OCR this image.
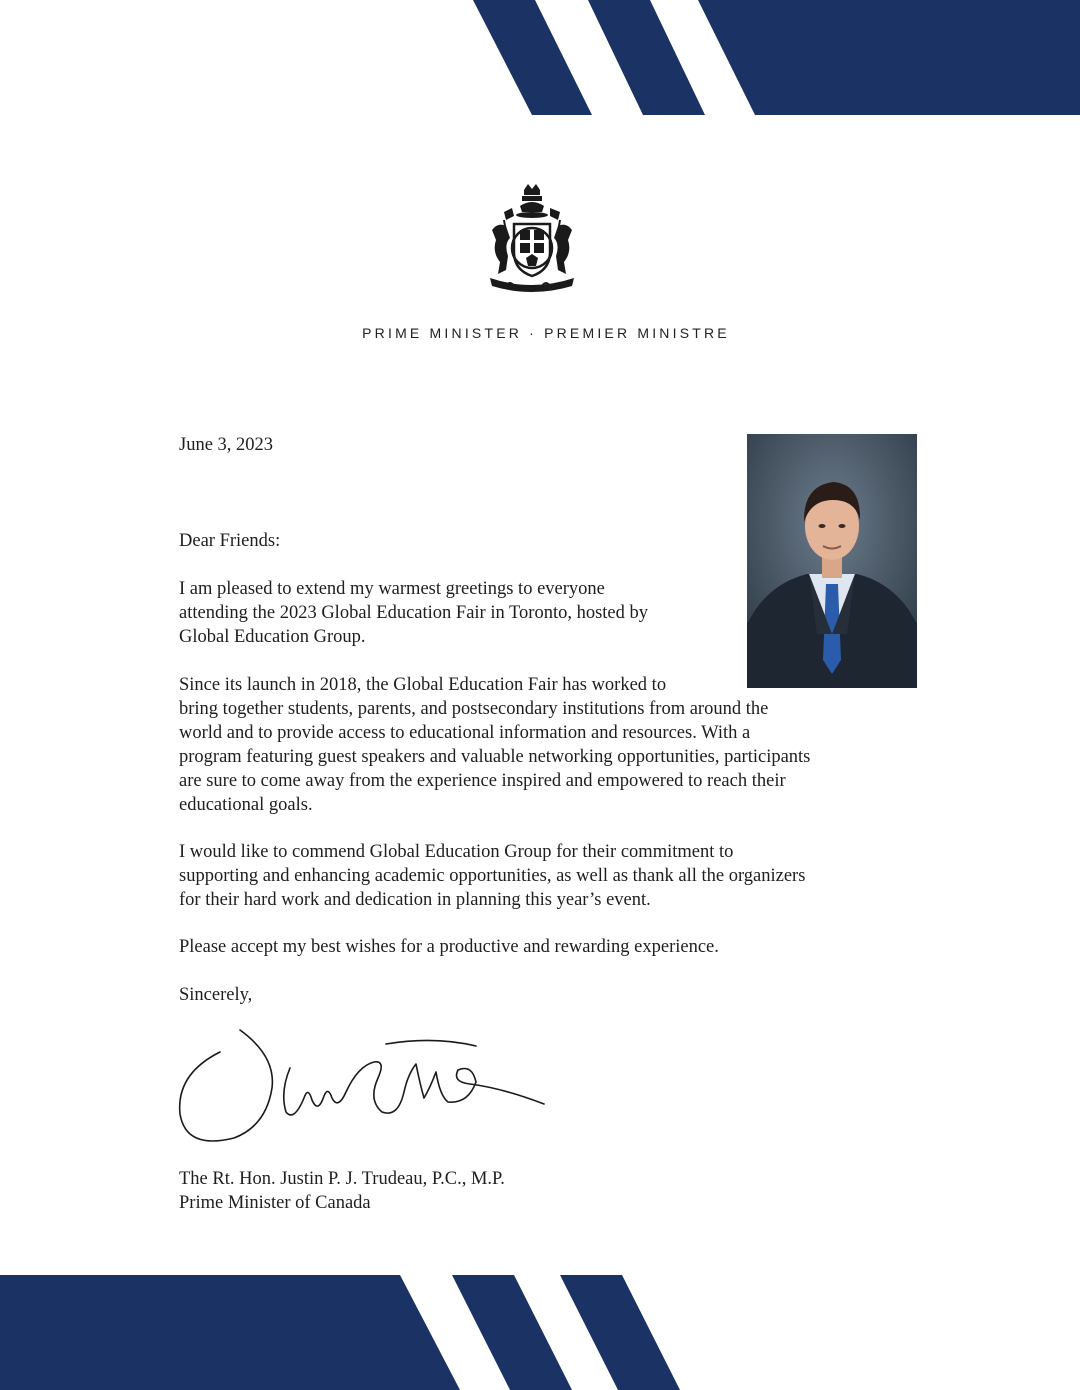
PRIME MINISTER · PREMIER MINISTRE

June 3, 2023

Dear Friends:

I am pleased to extend my warmest greetings to everyone
attending the 2023 Global Education Fair in Toronto, hosted by
Global Education Group.

Since its launch in 2018, the Global Education Fair has worked to
bring together students, parents, and postsecondary institutions from around the
world and to provide access to educational information and resources. With a
program featuring guest speakers and valuable networking opportunities, participants
are sure to come away from the experience inspired and empowered to reach their
educational goals.

I would like to commend Global Education Group for their commitment to
supporting and enhancing academic opportunities, as well as thank all the organizers
for their hard work and dedication in planning this year’s event.

Please accept my best wishes for a productive and rewarding experience.

Sincerely,

The Rt. Hon. Justin P. J. Trudeau, P.C., M.P.
Prime Minister of Canada
